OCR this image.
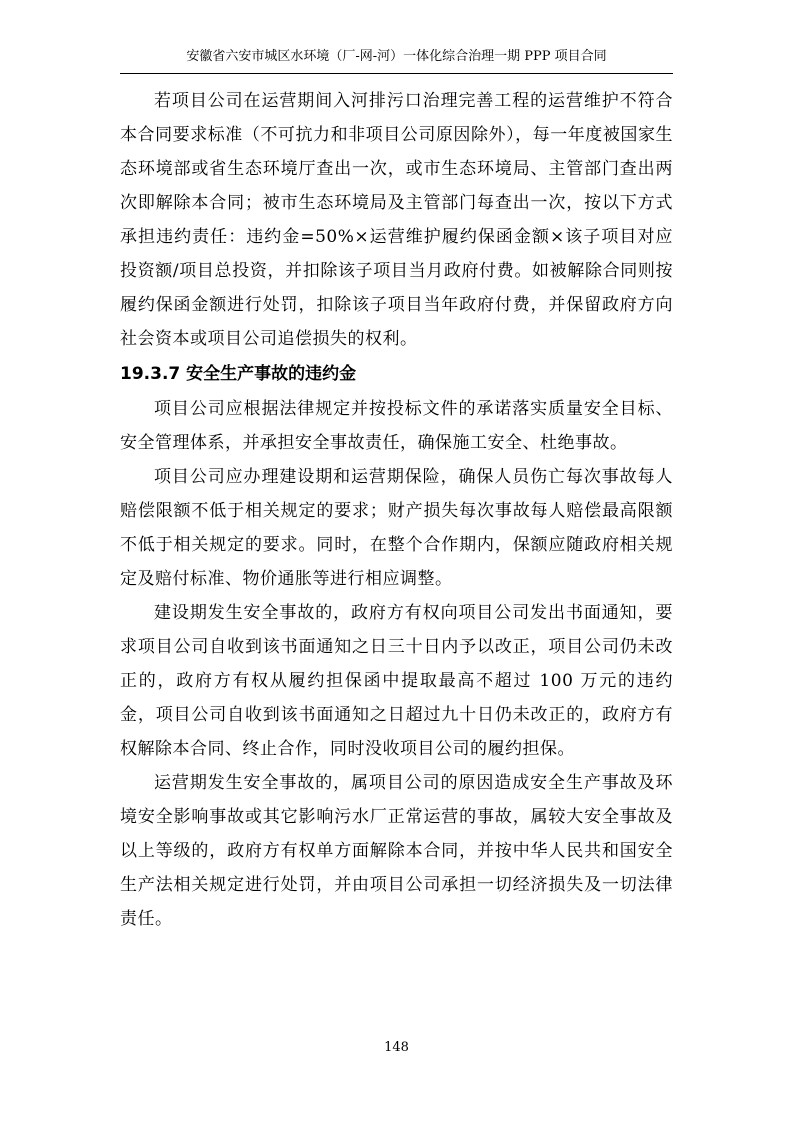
安徽省六安市城区水环境（厂-网-河）一体化综合治理一期 PPP 项目合同

若项目公司在运营期间入河排污口治理完善工程的运营维护不符合本合同要求标准（不可抗力和非项目公司原因除外），每一年度被国家生态环境部或省生态环境厅查出一次，或市生态环境局、主管部门查出两次即解除本合同；被市生态环境局及主管部门每查出一次，按以下方式承担违约责任：违约金=50%×运营维护履约保函金额×该子项目对应投资额/项目总投资，并扣除该子项目当月政府付费。如被解除合同则按履约保函金额进行处罚，扣除该子项目当年政府付费，并保留政府方向社会资本或项目公司追偿损失的权利。

19.3.7 安全生产事故的违约金

项目公司应根据法律规定并按投标文件的承诺落实质量安全目标、安全管理体系，并承担安全事故责任，确保施工安全、杜绝事故。

项目公司应办理建设期和运营期保险，确保人员伤亡每次事故每人赔偿限额不低于相关规定的要求；财产损失每次事故每人赔偿最高限额不低于相关规定的要求。同时，在整个合作期内，保额应随政府相关规定及赔付标准、物价通胀等进行相应调整。

建设期发生安全事故的，政府方有权向项目公司发出书面通知，要求项目公司自收到该书面通知之日三十日内予以改正，项目公司仍未改正的，政府方有权从履约担保函中提取最高不超过 100 万元的违约金，项目公司自收到该书面通知之日超过九十日仍未改正的，政府方有权解除本合同、终止合作，同时没收项目公司的履约担保。

运营期发生安全事故的，属项目公司的原因造成安全生产事故及环境安全影响事故或其它影响污水厂正常运营的事故，属较大安全事故及以上等级的，政府方有权单方面解除本合同，并按中华人民共和国安全生产法相关规定进行处罚，并由项目公司承担一切经济损失及一切法律责任。

148
